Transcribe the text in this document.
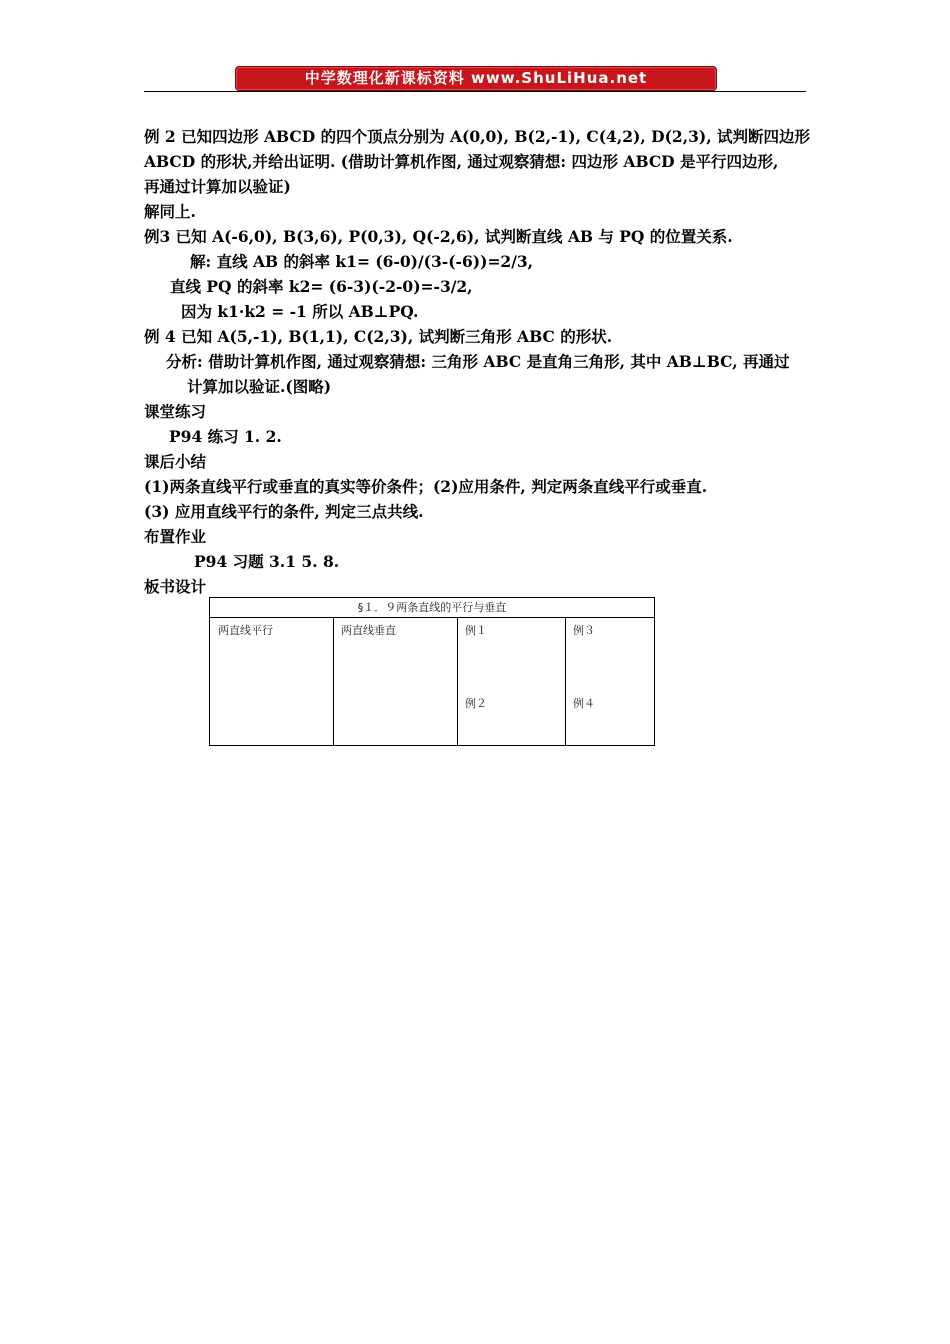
中学数理化新课标资料 www.ShuLiHua.net

例 2 已知四边形 ABCD 的四个顶点分别为 A(0,0), B(2,-1), C(4,2), D(2,3), 试判断四边形

ABCD 的形状,并给出证明. (借助计算机作图, 通过观察猜想: 四边形 ABCD 是平行四边形,

再通过计算加以验证)

解同上.

例3 已知 A(-6,0), B(3,6), P(0,3), Q(-2,6), 试判断直线 AB 与 PQ 的位置关系.

解: 直线 AB 的斜率 k1= (6-0)/(3-(-6))=2/3,

直线 PQ 的斜率 k2= (6-3)(-2-0)=-3/2,

因为 k1·k2 = -1 所以 AB⊥PQ.

例 4 已知 A(5,-1), B(1,1), C(2,3), 试判断三角形 ABC 的形状.

分析: 借助计算机作图, 通过观察猜想: 三角形 ABC 是直角三角形, 其中 AB⊥BC, 再通过

计算加以验证.(图略)

课堂练习

P94 练习 1. 2.

课后小结

(1)两条直线平行或垂直的真实等价条件；(2)应用条件, 判定两条直线平行或垂直.

(3) 应用直线平行的条件, 判定三点共线.

布置作业

P94 习题 3.1 5. 8.

板书设计

§１．９两条直线的平行与垂直
两直线平行	两直线垂直	例１
例２
例３
例４
